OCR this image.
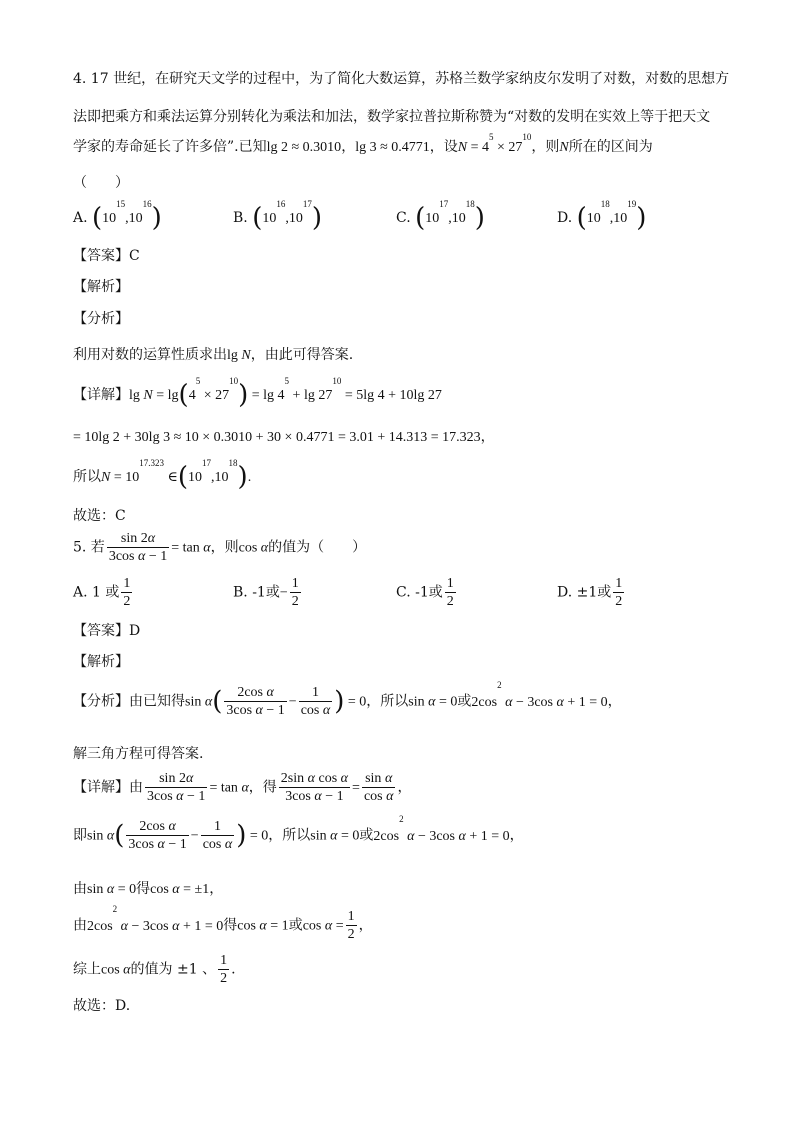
4. 17 世纪，在研究天文学的过程中，为了简化大数运算，苏格兰数学家纳皮尔发明了对数，对数的思想方
法即把乘方和乘法运算分别转化为乘法和加法，数学家拉普拉斯称赞为“对数的发明在实效上等于把天文
学家的寿命延长了许多倍”.已知lg 2 ≈ 0.3010，lg 3 ≈ 0.4771，设$N = 4^5 \times 27^{10}$，则N所在的区间为
（　　）
A. $(10^{15},10^{16})$	B. $(10^{16},10^{17})$	C. $(10^{17},10^{18})$	D. $(10^{18},10^{19})$
【答案】C
【解析】
【分析】
利用对数的运算性质求出lg N，由此可得答案.
【详解】$\lg N = \lg(4^5 \times 27^{10}) = \lg 4^5 + \lg 27^{10} = 5\lg$ 4 + 10lg 27
= 10lg 2 + 30lg 3 ≈ 10 × 0.3010 + 30 × 0.4771 = 3.01 + 14.313 = 17.323，
所以$N = 10^{17.323}$ $\in(10^{17},10^{18})$.
故选：C
5. 若 $\frac{\sin 2\alpha}{\text{3cos α − 1}} = \tan \alpha$，则cos α的值为（　　）
A. 1 或 $\frac{1}{2}$	B. -1或− $\frac{1}{2}$	C. -1或 $\frac{1}{2}$	D. ±1或 $\frac{1}{2}$
【答案】D
【解析】
【分析】由已知得$\sin \alpha( \frac{\text{2cos α}}{\text{3cos α − 1}} - \frac{1}{\text{cos α}}$ ) = 0，所以sin α = 0或$2\cos^2$ α − 3cos α + 1 = 0，
解三角方程可得答案.
【详解】由 $\frac{\sin 2\alpha}{\text{3cos α − 1}} = \tan \alpha$，得 $\frac{\text{2sin α cos α}}{\text{3cos α − 1}} = \frac{\text{sin α}}{\text{cos α}}$ ，
即$\sin \alpha( \frac{\text{2cos α}}{\text{3cos α − 1}} - \frac{1}{\text{cos α}}$ ) = 0，所以sin α = 0或$2\cos^2$ α − 3cos α + 1 = 0，
由sin α = 0得cos α = ±1，
由$2\cos^2$ α − 3cos α + 1 = 0得cos α = 1或$\cos \alpha = \frac{1}{2}$ ，
综上cos α的值为 ±1 、 $\frac{1}{2}$ .
故选：D.
